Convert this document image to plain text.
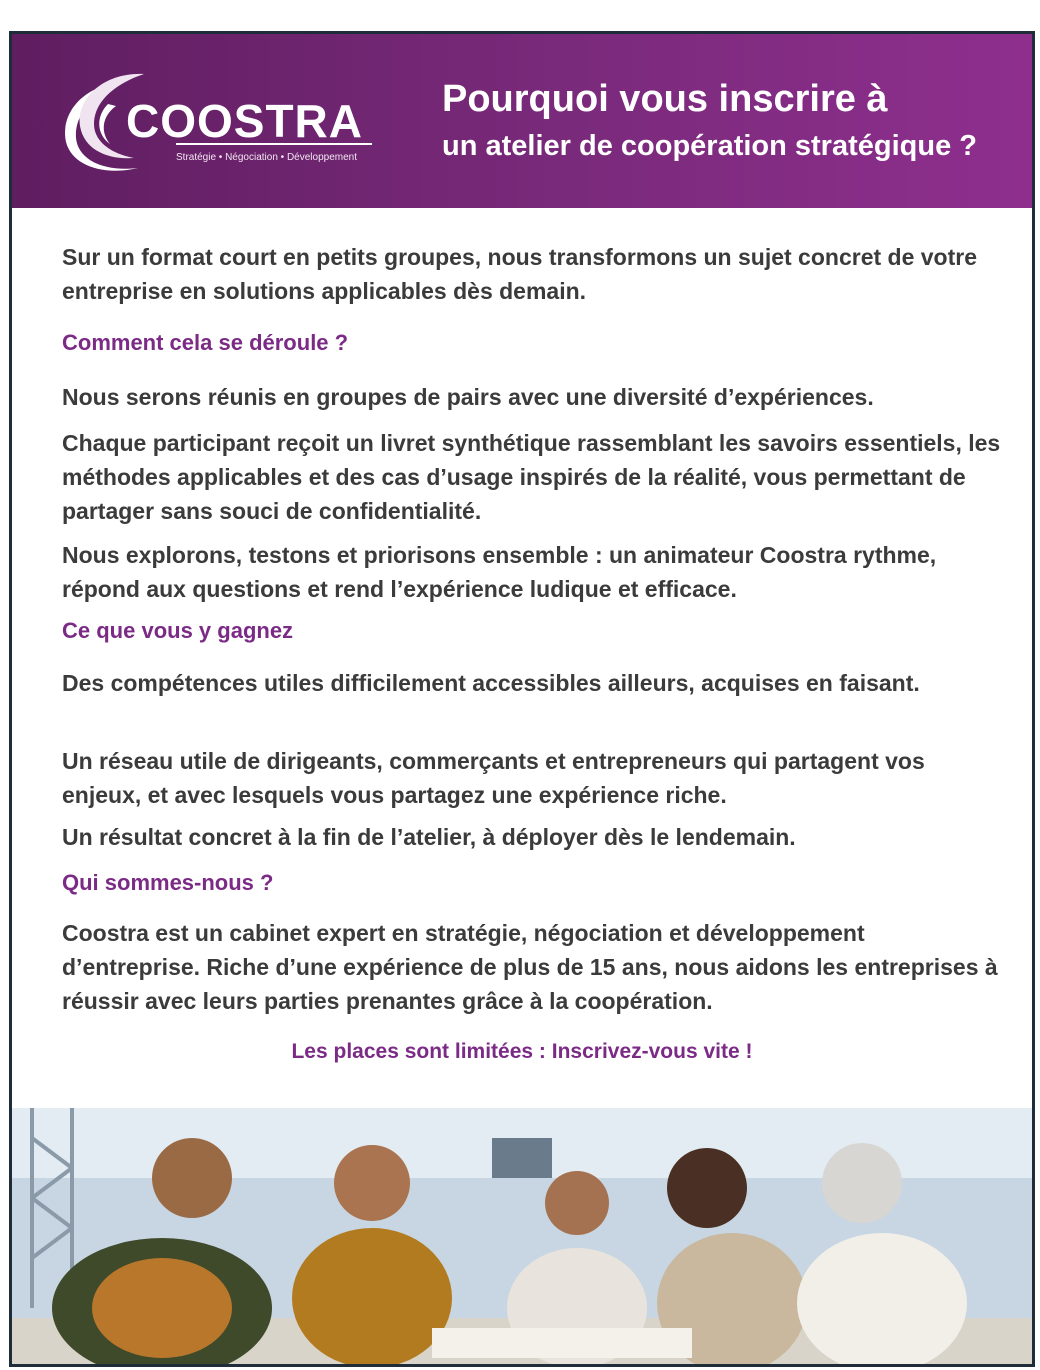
COOSTRA
Stratégie • Négociation • Développement
Pourquoi vous inscrire à
un atelier de coopération stratégique ?
Sur un format court en petits groupes, nous transformons un sujet concret de votre entreprise en solutions applicables dès demain.
Comment cela se déroule ?
Nous serons réunis en groupes de pairs avec une diversité d’expériences.
Chaque participant reçoit un livret synthétique rassemblant les savoirs essentiels, les méthodes applicables et des cas d’usage inspirés de la réalité, vous permettant de partager sans souci de confidentialité.
Nous explorons, testons et priorisons ensemble : un animateur Coostra rythme, répond aux questions et rend l’expérience ludique et efficace.
Ce que vous y gagnez
Des compétences utiles difficilement accessibles ailleurs, acquises en faisant.
Un réseau utile de dirigeants, commerçants et entrepreneurs qui partagent vos enjeux, et avec lesquels vous partagez une expérience riche.
Un résultat concret à la fin de l’atelier, à déployer dès le lendemain.
Qui sommes-nous ?
Coostra est un cabinet expert en stratégie, négociation et développement d’entreprise. Riche d’une expérience de plus de 15 ans, nous aidons les entreprises à réussir avec leurs parties prenantes grâce à la coopération.
Les places sont limitées : Inscrivez-vous vite !
